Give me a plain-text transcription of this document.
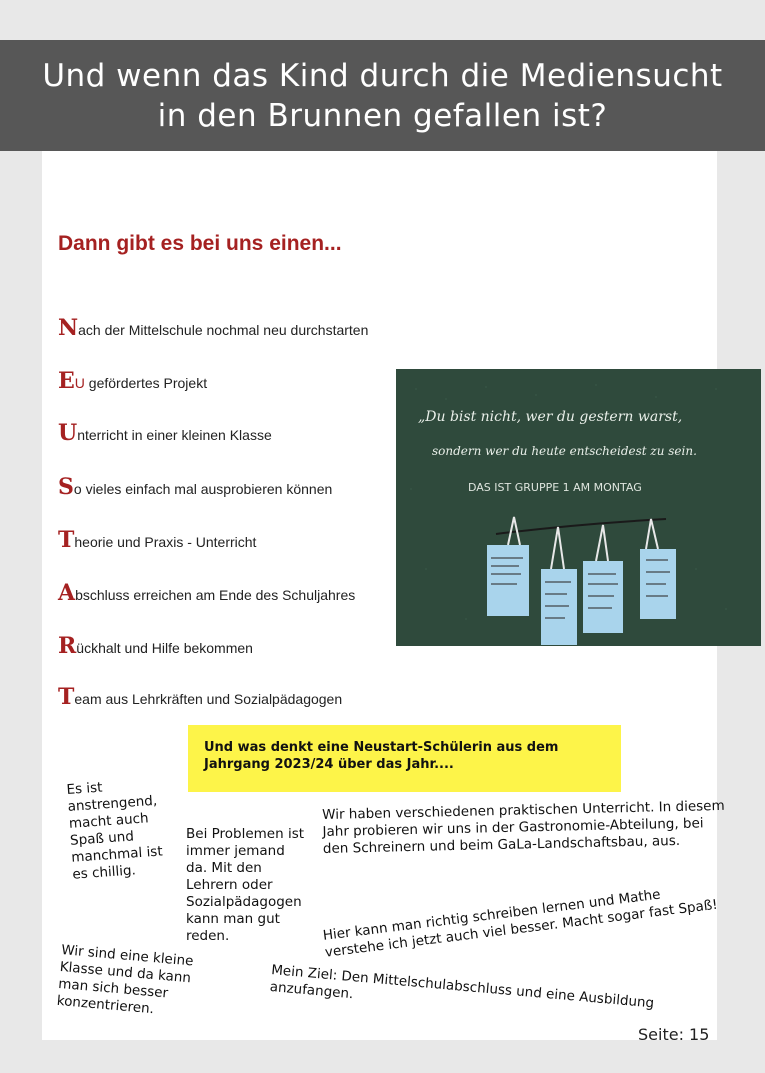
Und wenn das Kind durch die Mediensucht
in den Brunnen gefallen ist?
Dann gibt es bei uns einen...
Nach der Mittelschule nochmal neu durchstarten
EU gefördertes Projekt
Unterricht in einer kleinen Klasse
So vieles einfach mal ausprobieren können
Theorie und Praxis - Unterricht
Abschluss erreichen am Ende des Schuljahres
Rückhalt und Hilfe bekommen
Team aus Lehrkräften und Sozialpädagogen
„Du bist nicht, wer du gestern warst,
sondern wer du heute entscheidest zu sein.
DAS IST GRUPPE 1 AM MONTAG
Und was denkt eine Neustart-Schülerin aus dem Jahrgang 2023/24 über das Jahr....
Es ist
anstrengend,
macht auch
Spaß und
manchmal ist
es chillig.
Bei Problemen ist
immer jemand
da. Mit den
Lehrern oder
Sozialpädagogen
kann man gut
reden.
Wir haben verschiedenen praktischen Unterricht. In diesem
Jahr probieren wir uns in der Gastronomie-Abteilung, bei
den Schreinern und beim GaLa-Landschaftsbau, aus.
Hier kann man richtig schreiben lernen und Mathe
verstehe ich jetzt auch viel besser. Macht sogar fast Spaß!
Wir sind eine kleine
Klasse und da kann
man sich besser
konzentrieren.	Mein Ziel: Den Mittelschulabschluss und eine Ausbildung
anzufangen.
Seite: 15
